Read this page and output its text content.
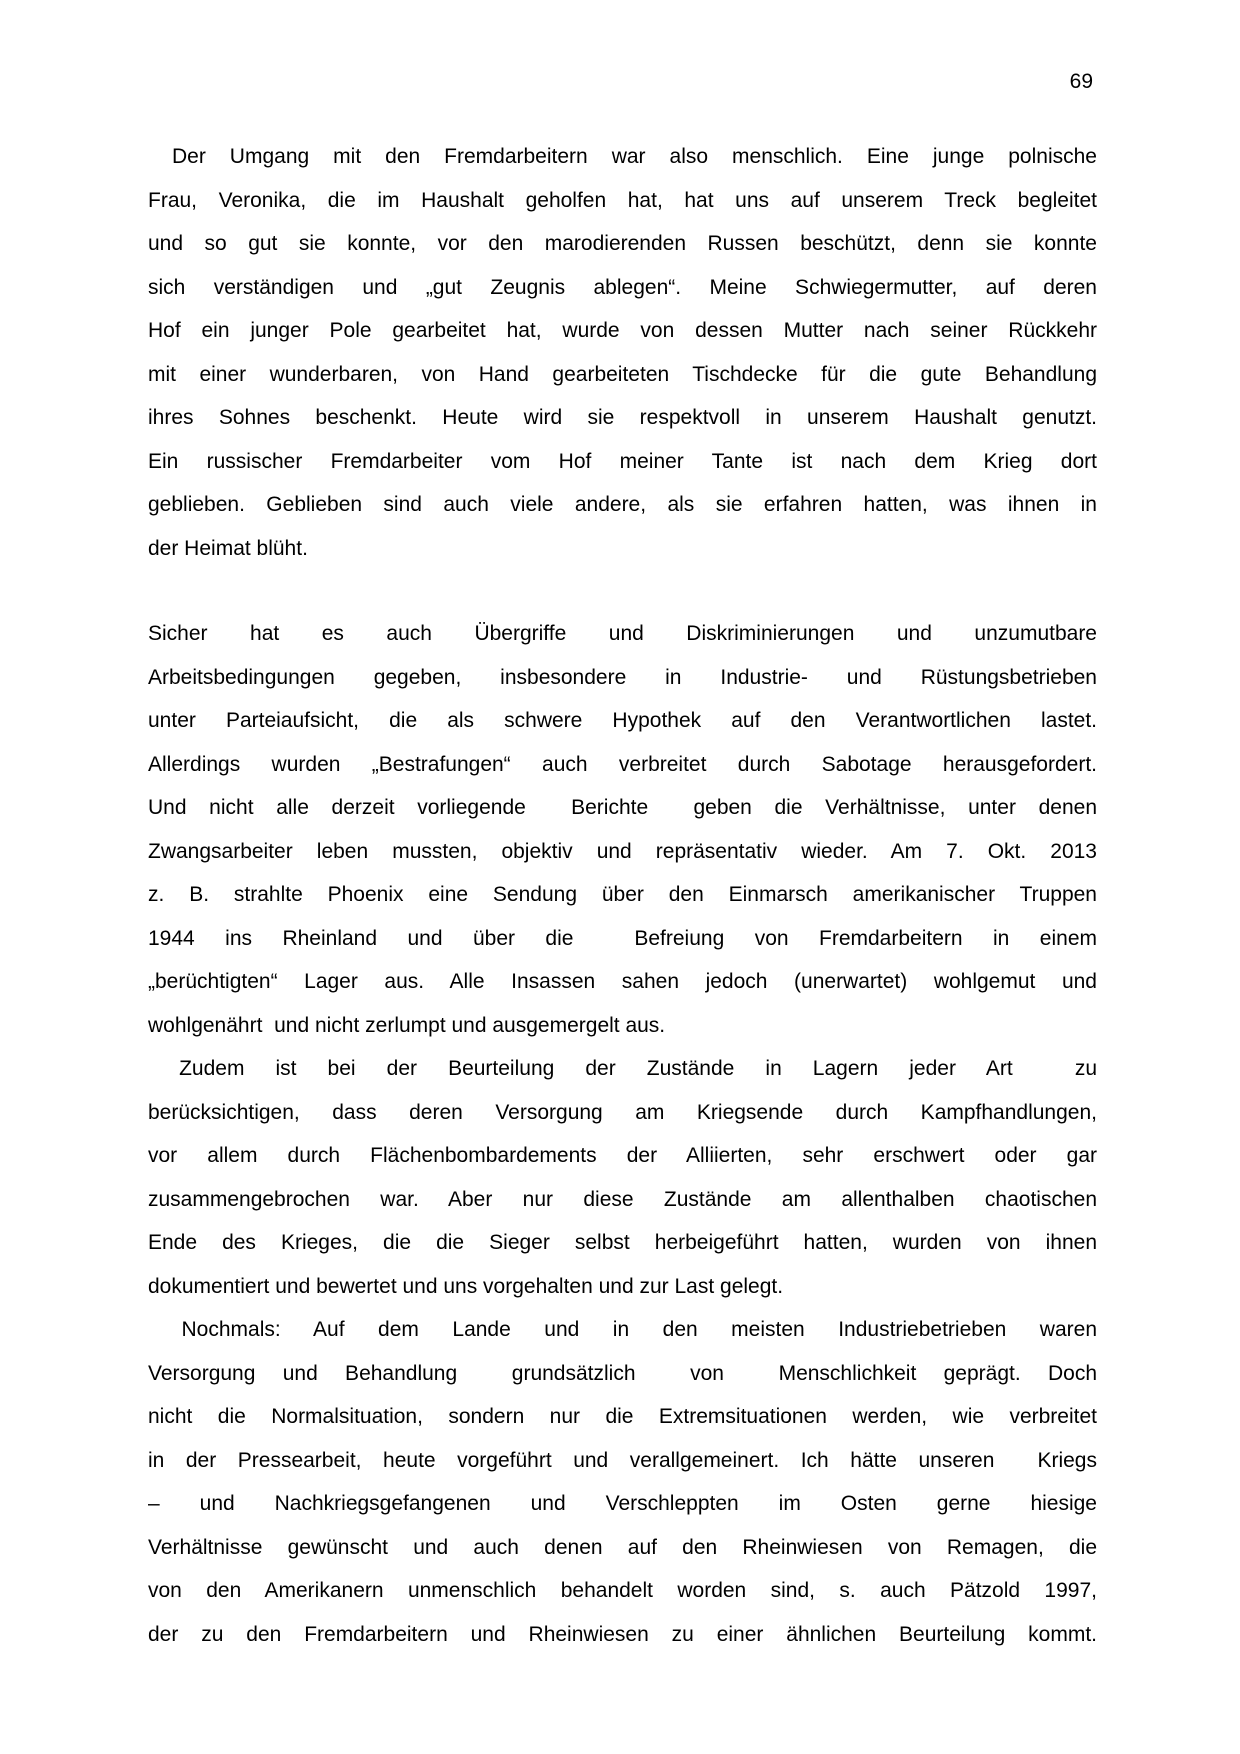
69
Der Umgang mit den Fremdarbeitern war also menschlich. Eine junge polnische
Frau, Veronika, die im Haushalt geholfen hat, hat uns auf unserem Treck begleitet
und so gut sie konnte, vor den marodierenden Russen beschützt, denn sie konnte
sich verständigen und „gut Zeugnis ablegen“. Meine Schwiegermutter, auf deren
Hof ein junger Pole gearbeitet hat, wurde von dessen Mutter nach seiner Rückkehr
mit einer wunderbaren, von Hand gearbeiteten Tischdecke für die gute Behandlung
ihres Sohnes beschenkt. Heute wird sie respektvoll in unserem Haushalt genutzt.
Ein russischer Fremdarbeiter vom Hof meiner Tante ist nach dem Krieg dort
geblieben. Geblieben sind auch viele andere, als sie erfahren hatten, was ihnen in
der Heimat blüht.
Sicher hat es auch Übergriffe und Diskriminierungen und unzumutbare
Arbeitsbedingungen gegeben, insbesondere in Industrie- und Rüstungsbetrieben
unter Parteiaufsicht, die als schwere Hypothek auf den Verantwortlichen lastet.
Allerdings wurden „Bestrafungen“ auch verbreitet durch Sabotage herausgefordert.
Und nicht alle derzeit vorliegende  Berichte  geben die Verhältnisse, unter denen
Zwangsarbeiter leben mussten, objektiv und repräsentativ wieder. Am 7. Okt. 2013
z. B. strahlte Phoenix eine Sendung über den Einmarsch amerikanischer Truppen
1944 ins Rheinland und über die  Befreiung von Fremdarbeitern in einem
„berüchtigten“ Lager aus. Alle Insassen sahen jedoch (unerwartet) wohlgemut und
wohlgenährt  und nicht zerlumpt und ausgemergelt aus.
Zudem ist bei der Beurteilung der Zustände in Lagern jeder Art  zu
berücksichtigen, dass deren Versorgung am Kriegsende durch Kampfhandlungen,
vor allem durch Flächenbombardements der Alliierten, sehr erschwert oder gar
zusammengebrochen war. Aber nur diese Zustände am allenthalben chaotischen
Ende des Krieges, die die Sieger selbst herbeigeführt hatten, wurden von ihnen
dokumentiert und bewertet und uns vorgehalten und zur Last gelegt.
Nochmals: Auf dem Lande und in den meisten Industriebetrieben waren
Versorgung und Behandlung  grundsätzlich  von  Menschlichkeit geprägt. Doch
nicht die Normalsituation, sondern nur die Extremsituationen werden, wie verbreitet
in der Pressearbeit, heute vorgeführt und verallgemeinert. Ich hätte unseren  Kriegs
– und Nachkriegsgefangenen und Verschleppten im Osten gerne hiesige
Verhältnisse gewünscht und auch denen auf den Rheinwiesen von Remagen, die
von den Amerikanern unmenschlich behandelt worden sind, s. auch Pätzold 1997,
der zu den Fremdarbeitern und Rheinwiesen zu einer ähnlichen Beurteilung kommt.
